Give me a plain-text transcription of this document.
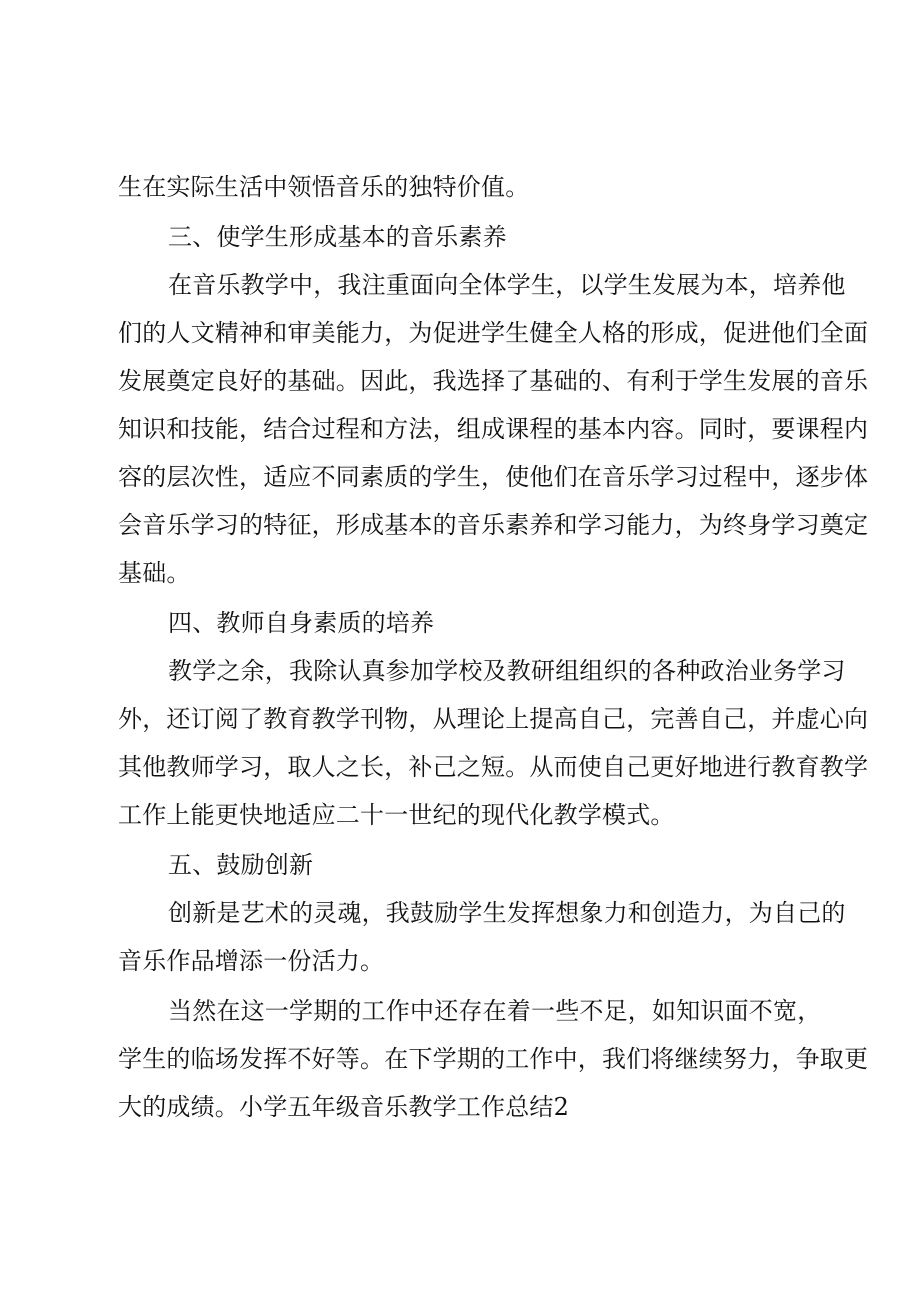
生在实际生活中领悟音乐的独特价值。
三、使学生形成基本的音乐素养
在音乐教学中，我注重面向全体学生，以学生发展为本，培养他
们的人文精神和审美能力，为促进学生健全人格的形成，促进他们全面
发展奠定良好的基础。因此，我选择了基础的、有利于学生发展的音乐
知识和技能，结合过程和方法，组成课程的基本内容。同时，要课程内
容的层次性，适应不同素质的学生，使他们在音乐学习过程中，逐步体
会音乐学习的特征，形成基本的音乐素养和学习能力，为终身学习奠定
基础。
四、教师自身素质的培养
教学之余，我除认真参加学校及教研组组织的各种政治业务学习
外，还订阅了教育教学刊物，从理论上提高自己，完善自己，并虚心向
其他教师学习，取人之长，补己之短。从而使自己更好地进行教育教学
工作上能更快地适应二十一世纪的现代化教学模式。
五、鼓励创新
创新是艺术的灵魂，我鼓励学生发挥想象力和创造力，为自己的
音乐作品增添一份活力。
当然在这一学期的工作中还存在着一些不足，如知识面不宽，
学生的临场发挥不好等。在下学期的工作中，我们将继续努力，争取更
大的成绩。小学五年级音乐教学工作总结2
